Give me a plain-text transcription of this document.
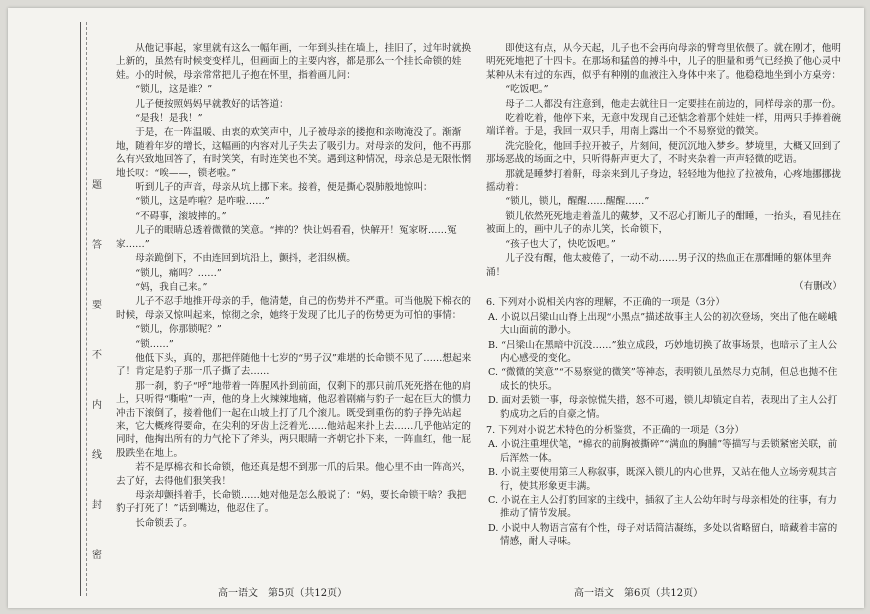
题
答
要
不
内
线
封
密

从他记事起，家里就有这么一幅年画，一年到头挂在墙上，挂旧了，过年时就换上新的，虽然有时候变变样儿，但画面上的主要内容，都是那么一个挂长命锁的娃娃。小的时候，母亲常常把儿子抱在怀里，指着画儿问：

“锁儿，这是谁？”

儿子便按照妈妈早就教好的话答道：

“是我！是我！”

于是，在一阵温暖、由衷的欢笑声中，儿子被母亲的搂抱和亲吻淹没了。渐渐地，随着年岁的增长，这幅画的内容对儿子失去了吸引力。对母亲的发问，他不再那么有兴致地回答了，有时笑笑，有时连笑也不笑。遇到这种情况，母亲总是无限怅惘地长叹：“唉——，锁老啦。”

听到儿子的声音，母亲从坑上挪下来。接着，便是撕心裂肺般地惊叫：

“锁儿，这是咋啦？是咋啦……”

“不碍事，滚坡摔的。”

儿子的眼睛总透着微微的笑意。“摔的？快让妈看看，快解开！冤家呀……冤家……”

母亲跪倒下，不由连回到坑沿上，颤抖，老泪纵横。

“锁儿，痛吗？……”

“妈，我自己来。”

儿子不忍手地推开母亲的手，他清楚，自己的伤势并不严重。可当他脱下棉衣的时候，母亲又惊叫起来，惊彻之余，她终于发现了比儿子的伤势更为可怕的事情：

“锁儿，你那锁呢？”

“锁……”

他低下头，真的，那把伴随他十七岁的“男子汉”难堪的长命锁不见了……想起来了！肯定是豹子那一爪子撕了去……

那一刹，豹子“呼”地带着一阵腥风扑到前面，仅剩下的那只前爪死死搭在他的肩上，只听得“嘶啦”一声，他的身上火辣辣地痛，他忍着剧痛与豹子一起在巨大的惯力冲击下滚倒了，接着他们一起在山坡上打了几个滚儿。既受到重伤的豹子挣先站起来，它大概疼得要命，在尖利的牙齿上泛着光……他站起来扑上去……几乎他站定的同时，他掏出所有的力气抡下了斧头，两只眼睛一齐朝它扑下来，一阵血红，他一屁股跌坐在地上。

若不是厚棉衣和长命锁，他还真是想不到那一爪的后果。他心里不由一阵高兴，去了好，去得他们狠笑我！

母亲却颤抖着手，长命锁……她对他是怎么般说了：“妈，要长命锁干啥？我把豹子打死了！”话到嘴边，他忍住了。

长命锁丢了。

即使这有点，从今天起，儿子也不会再向母亲的臂弯里依偎了。就在刚才，他明明死死地把了十四卡。在那场和猛兽的搏斗中，儿子的胆量和勇气已经换了他心灵中某种从未有过的东西，似乎有种刚的血液注入身体中来了。他稳稳地坐到小方桌旁：

“吃饭吧。”

母子二人都没有注意到，他走去就往日一定要挂在前边的，同样母亲的那一份。

吃着吃着，他停下来，无意中发现自己还惦念着那个娃娃一样，用两只手捧着碗端详着。于是，我回一双只手，用南上露出一个不易察觉的微笑。

洗完脸化，他回手拉开被子，片刻间，便沉沉地入梦乡。梦境里，大概又回到了那场恶战的场面之中，只听得鼾声更大了，不时夹杂着一声声轻微的呓语。

那就是睡梦打着鼾，母亲来到儿子身边，轻轻地为他拉了拉被角，心疼地挪挪拢摇动着：

“锁儿，锁儿，醒醒……醒醒……”

锁儿依然死死地走着盖儿的戴梦，又不忍心打断儿子的酣睡，一抬头，看见挂在被面上的，画中儿子的赤儿笑，长命锁下，

“孩子也大了，快吃饭吧。”

儿子没有醒，他太疲倦了，一动不动……男子汉的热血正在那酣睡的躯体里奔涌！

（有删改）

6. 下列对小说相关内容的理解，不正确的一项是（3分）

A. 小说以吕梁山山脊上出现“小黑点”描述故事主人公的初次登场，突出了他在嵯峨大山面前的渺小。

B. “吕梁山在黑暗中沉没……”独立成段，巧妙地切换了故事场景，也暗示了主人公内心感受的变化。

C. “微微的笑意”“不易察觉的微笑”等神态，表明锁儿虽然尽力克制，但总也抛不住成长的快乐。

D. 面对丢锁一事，母亲惊慌失措，怒不可遏，锁儿却镇定自若，表现出了主人公打豹成功之后的自豪之情。

7. 下列对小说艺术特色的分析鉴赏，不正确的一项是（3分）

A. 小说注重埋伏笔，“棉衣的前胸被撕碎”“满血的胸脯”等描写与丢锁紧密关联，前后浑然一体。

B. 小说主要使用第三人称叙事，既深入锁儿的内心世界，又站在他人立场旁观其言行，使其形象更丰满。

C. 小说在主人公打豹回家的主线中，插叙了主人公幼年时与母亲相处的往事，有力推动了情节发展。

D. 小说中人物语言富有个性，母子对话简洁凝练，多处以省略留白，暗藏着丰富的情感，耐人寻味。

高一语文　第5页（共12页）	高一语文　第6页（共12页）
